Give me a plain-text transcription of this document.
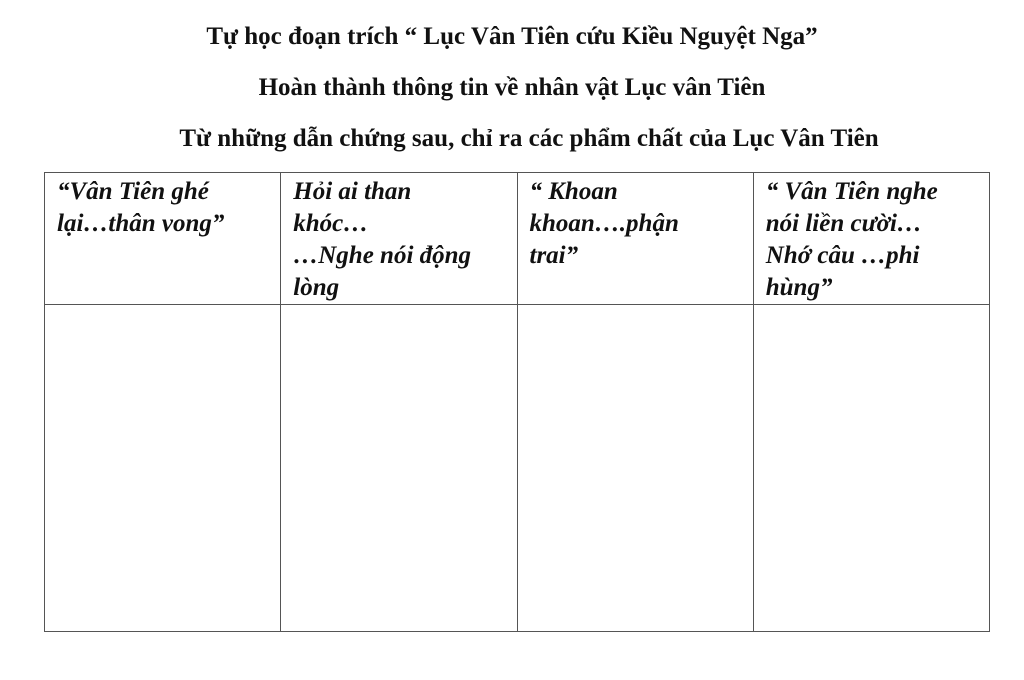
Tự học đoạn trích “ Lục Vân Tiên cứu Kiều Nguyệt Nga”
Hoàn thành thông tin về nhân vật Lục vân Tiên
Từ những dẫn chứng sau, chỉ ra các phẩm chất của Lục Vân Tiên
“Vân Tiên ghé
lại…thân vong”	Hỏi ai than
khóc…
…Nghe nói động
lòng	“ Khoan
khoan….phận
trai”	“ Vân Tiên nghe
nói liền cười…
Nhớ câu …phi
hùng”
